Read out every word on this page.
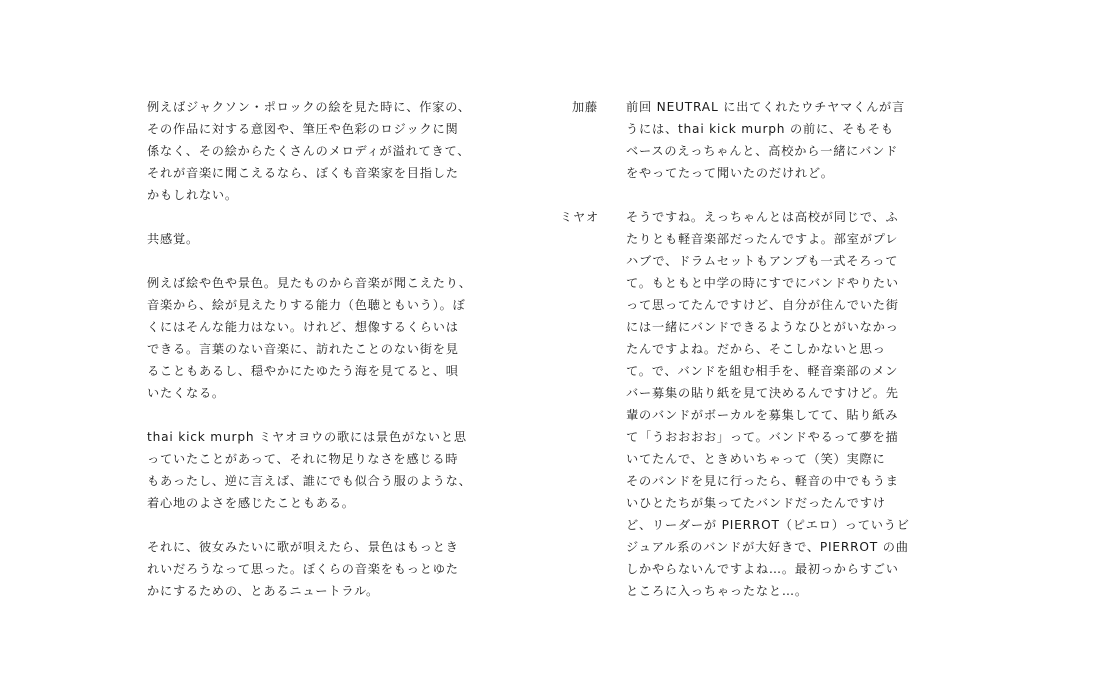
例えばジャクソン・ポロックの絵を見た時に、作家の、
その作品に対する意図や、筆圧や色彩のロジックに関
係なく、その絵からたくさんのメロディが溢れてきて、
それが音楽に聞こえるなら、ぼくも音楽家を目指した
かもしれない。

共感覚。

例えば絵や色や景色。見たものから音楽が聞こえたり、
音楽から、絵が見えたりする能力（色聴ともいう）。ぼ
くにはそんな能力はない。けれど、想像するくらいは
できる。言葉のない音楽に、訪れたことのない街を見
ることもあるし、穏やかにたゆたう海を見てると、唄
いたくなる。

thai kick murph ミヤオヨウの歌には景色がないと思
っていたことがあって、それに物足りなさを感じる時
もあったし、逆に言えば、誰にでも似合う服のような、
着心地のよさを感じたこともある。

それに、彼女みたいに歌が唄えたら、景色はもっとき
れいだろうなって思った。ぼくらの音楽をもっとゆた
かにするための、とあるニュートラル。

加藤	前回 NEUTRAL に出てくれたウチヤマくんが言
うには、thai kick murph の前に、そもそも
ベースのえっちゃんと、高校から一緒にバンド
をやってたって聞いたのだけれど。
ミヤオ	そうですね。えっちゃんとは高校が同じで、ふ
たりとも軽音楽部だったんですよ。部室がプレ
ハブで、ドラムセットもアンプも一式そろって
て。もともと中学の時にすでにバンドやりたい
って思ってたんですけど、自分が住んでいた街
には一緒にバンドできるようなひとがいなかっ
たんですよね。だから、そこしかないと思っ
て。で、バンドを組む相手を、軽音楽部のメン
バー募集の貼り紙を見て決めるんですけど。先
輩のバンドがボーカルを募集してて、貼り紙み
て「うおおおお」って。バンドやるって夢を描
いてたんで、ときめいちゃって（笑）実際に
そのバンドを見に行ったら、軽音の中でもうま
いひとたちが集ってたバンドだったんですけ
ど、リーダーが PIERROT（ピエロ）っていうビ
ジュアル系のバンドが大好きで、PIERROT の曲
しかやらないんですよね…。最初っからすごい
ところに入っちゃったなと…。
